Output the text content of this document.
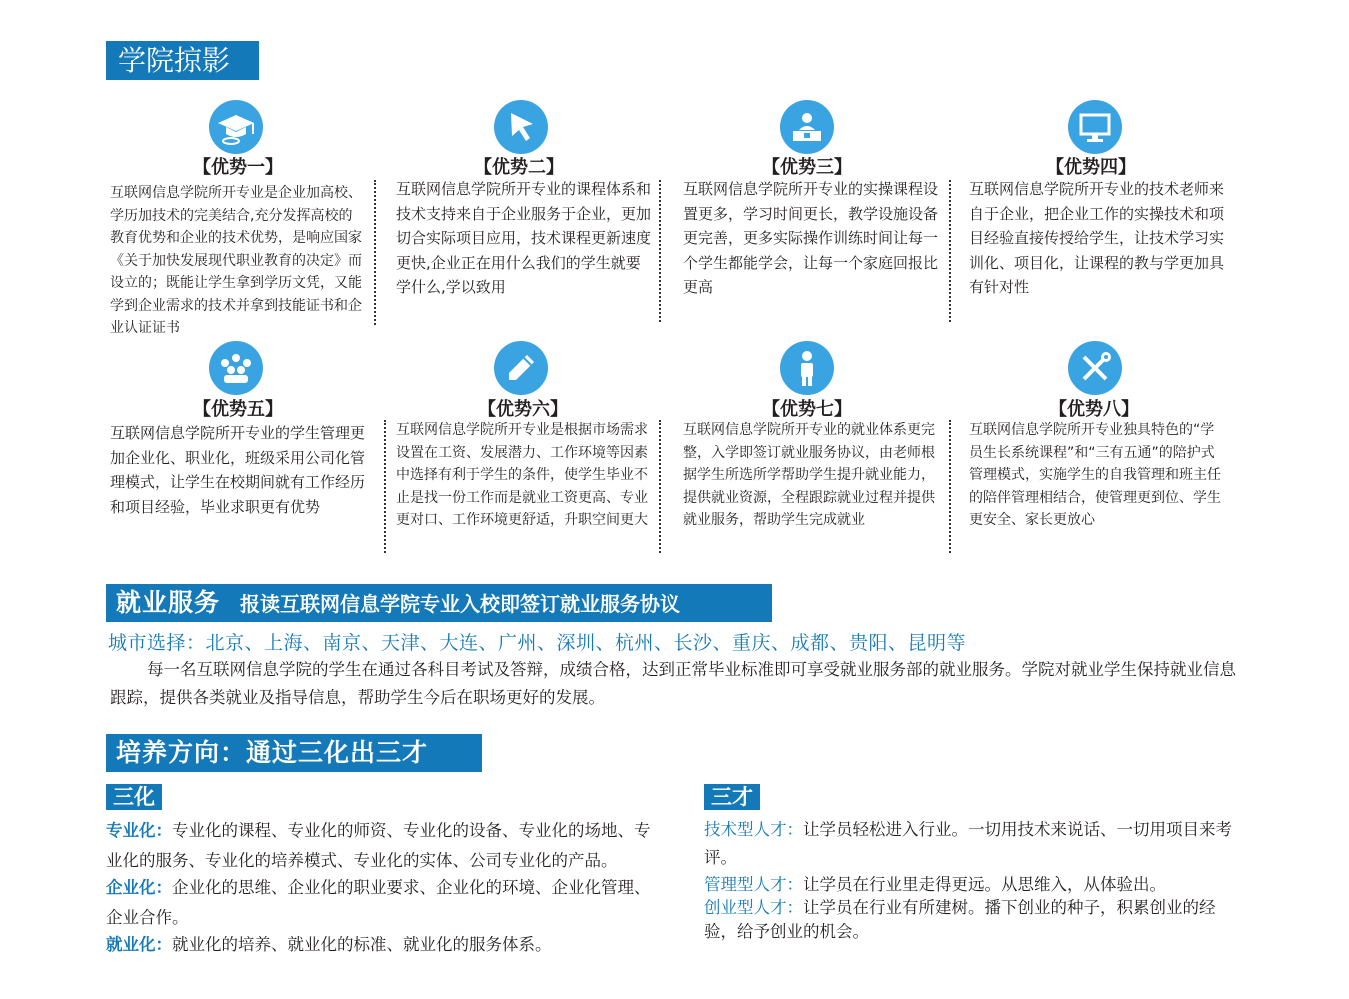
学院掠影
【优势一】
互联网信息学院所开专业是企业加高校、学历加技术的完美结合,充分发挥高校的教育优势和企业的技术优势，是响应国家《关于加快发展现代职业教育的决定》而设立的；既能让学生拿到学历文凭，又能学到企业需求的技术并拿到技能证书和企业认证证书
【优势二】
互联网信息学院所开专业的课程体系和技术支持来自于企业服务于企业，更加切合实际项目应用，技术课程更新速度更快,企业正在用什么我们的学生就要学什么,学以致用
【优势三】
互联网信息学院所开专业的实操课程设置更多，学习时间更长，教学设施设备更完善，更多实际操作训练时间让每一个学生都能学会，让每一个家庭回报比更高
【优势四】
互联网信息学院所开专业的技术老师来自于企业，把企业工作的实操技术和项目经验直接传授给学生，让技术学习实训化、项目化，让课程的教与学更加具有针对性
【优势五】
互联网信息学院所开专业的学生管理更加企业化、职业化，班级采用公司化管理模式，让学生在校期间就有工作经历和项目经验，毕业求职更有优势
【优势六】
互联网信息学院所开专业是根据市场需求设置在工资、发展潜力、工作环境等因素中选择有利于学生的条件，使学生毕业不止是找一份工作而是就业工资更高、专业更对口、工作环境更舒适，升职空间更大
【优势七】
互联网信息学院所开专业的就业体系更完整，入学即签订就业服务协议，由老师根据学生所选所学帮助学生提升就业能力，提供就业资源，全程跟踪就业过程并提供就业服务，帮助学生完成就业
【优势八】
互联网信息学院所开专业独具特色的“学员生长系统课程”和“三有五通”的陪护式管理模式，实施学生的自我管理和班主任的陪伴管理相结合，使管理更到位、学生更安全、家长更放心
就业服务 报读互联网信息学院专业入校即签订就业服务协议
城市选择：北京、上海、南京、天津、大连、广州、深圳、杭州、长沙、重庆、成都、贵阳、昆明等
每一名互联网信息学院的学生在通过各科目考试及答辩，成绩合格，达到正常毕业标准即可享受就业服务部的就业服务。学院对就业学生保持就业信息跟踪，提供各类就业及指导信息，帮助学生今后在职场更好的发展。
培养方向：通过三化出三才
三化
专业化：专业化的课程、专业化的师资、专业化的设备、专业化的场地、专业化的服务、专业化的培养模式、专业化的实体、公司专业化的产品。
企业化：企业化的思维、企业化的职业要求、企业化的环境、企业化管理、企业合作。
就业化：就业化的培养、就业化的标准、就业化的服务体系。
三才
技术型人才：让学员轻松进入行业。一切用技术来说话、一切用项目来考评。
管理型人才：让学员在行业里走得更远。从思维入，从体验出。
创业型人才：让学员在行业有所建树。播下创业的种子，积累创业的经验，给予创业的机会。
